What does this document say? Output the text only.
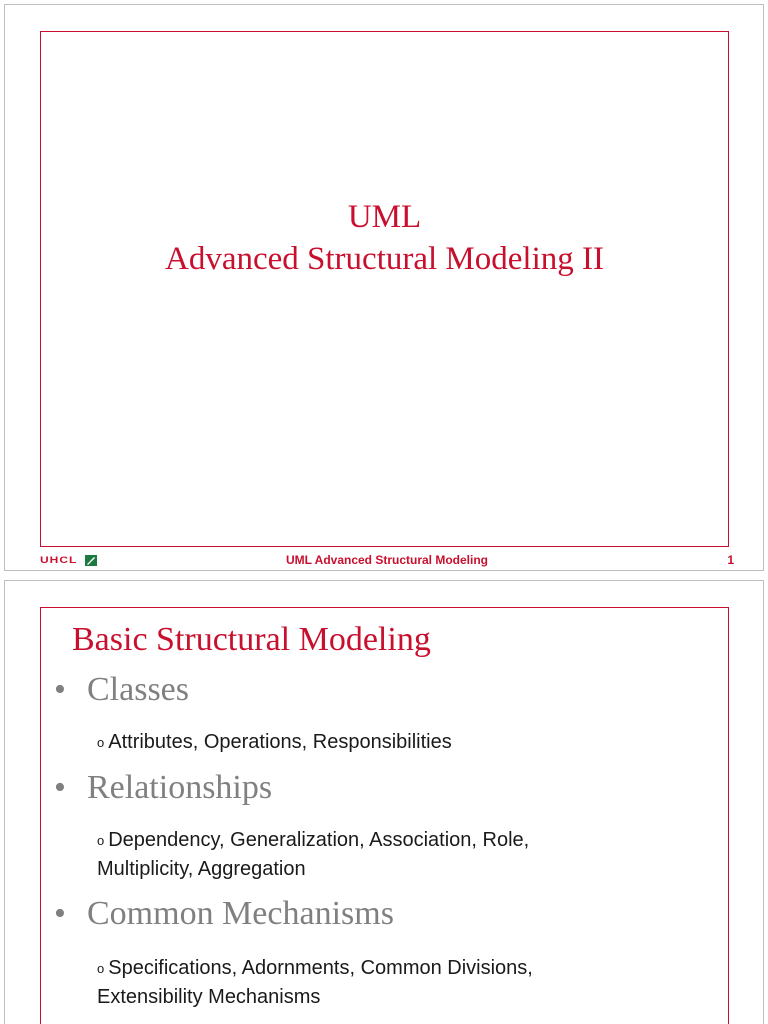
UML
Advanced Structural Modeling II
UHCL	UML Advanced Structural Modeling	1
Basic Structural Modeling
• Classes
o Attributes, Operations, Responsibilities
• Relationships
o Dependency, Generalization, Association, Role,
Multiplicity, Aggregation
• Common Mechanisms
o Specifications, Adornments, Common Divisions,
Extensibility Mechanisms
